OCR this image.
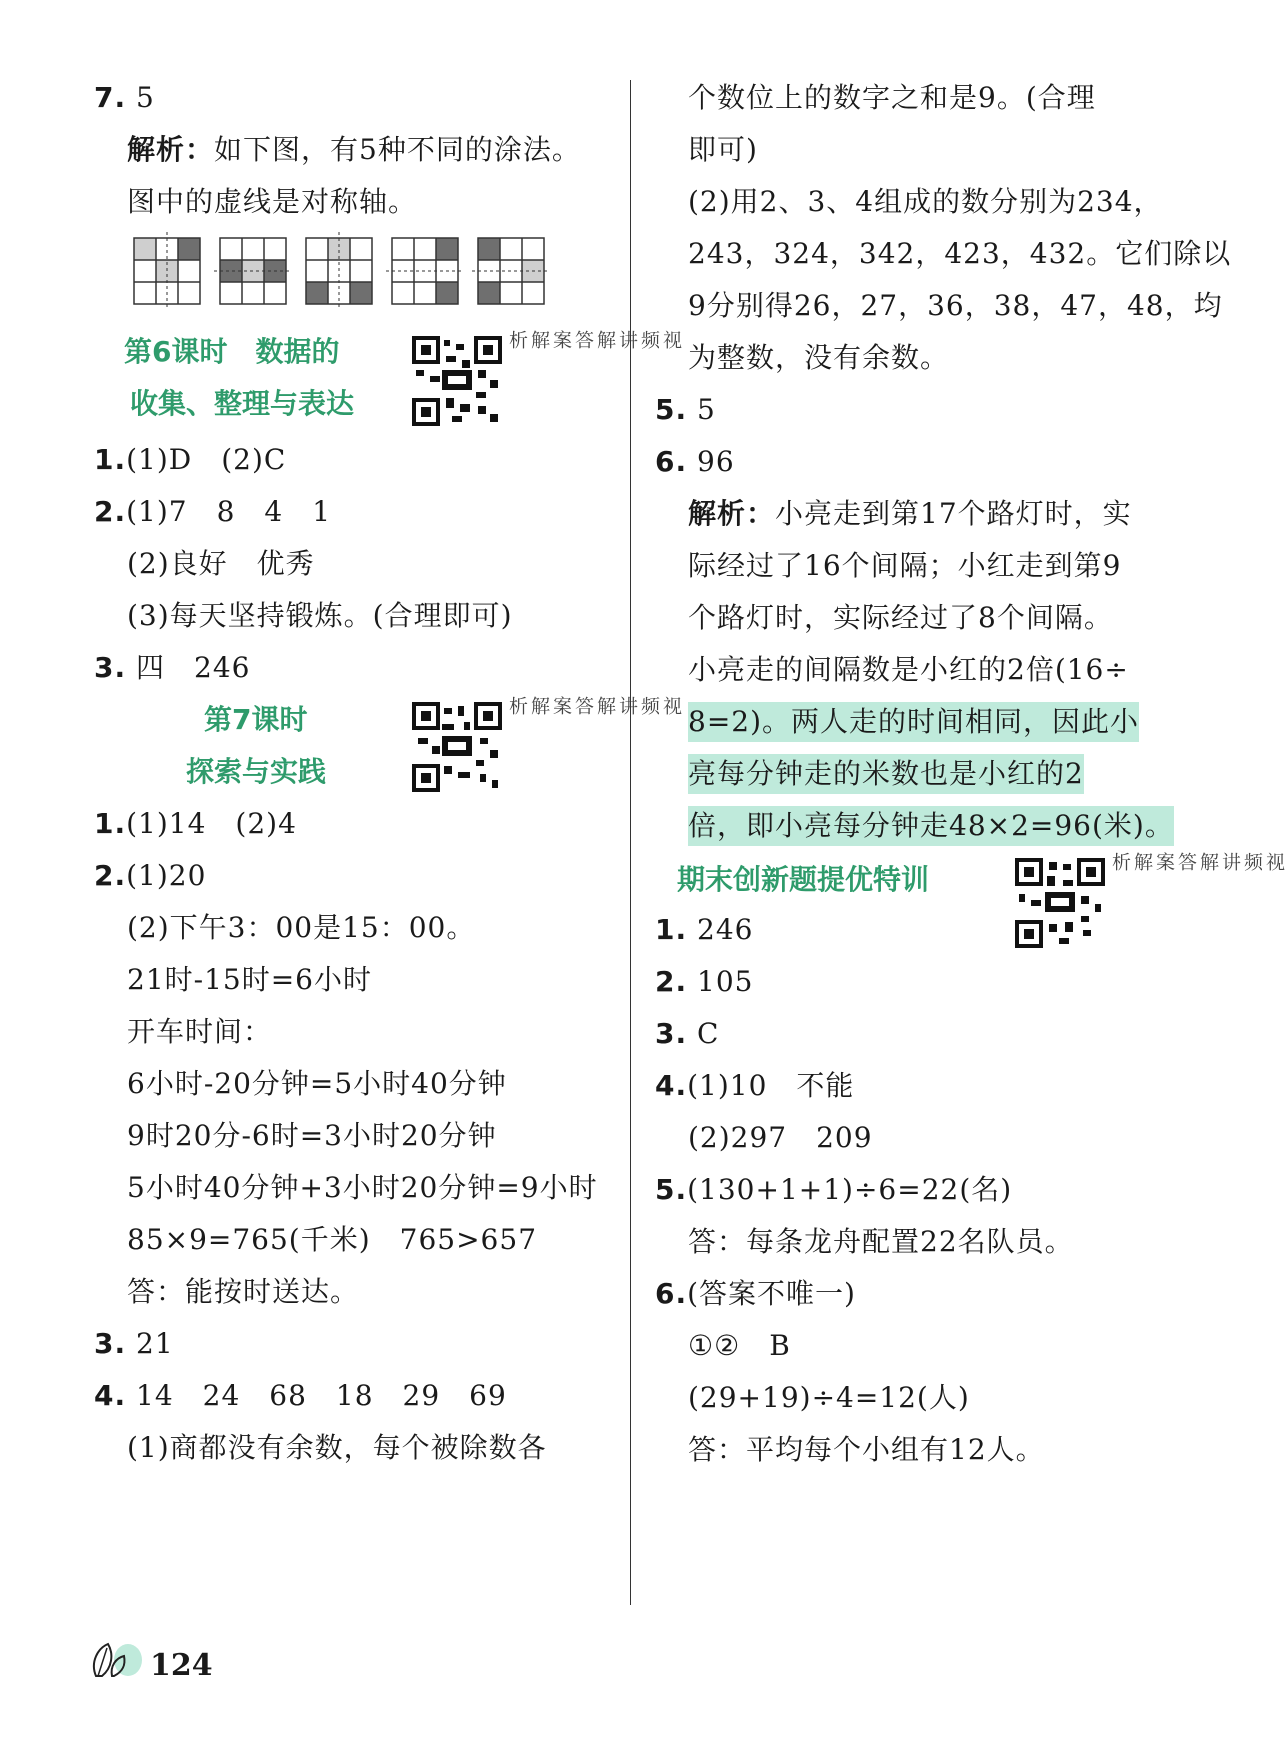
7. 5
解析：如下图，有5种不同的涂法。
图中的虚线是对称轴。
第6课时　数据的
收集、整理与表达
视频讲解答案解析
1.(1)D　(2)C
2.(1)7　8　4　1
(2)良好　优秀
(3)每天坚持锻炼。(合理即可)
3. 四　246
第7课时
探索与实践
视频讲解答案解析
1.(1)14　(2)4
2.(1)20
(2)下午3：00是15：00。
21时-15时=6小时
开车时间：
6小时-20分钟=5小时40分钟
9时20分-6时=3小时20分钟
5小时40分钟+3小时20分钟=9小时
85×9=765(千米)　765>657
答：能按时送达。
3. 21
4. 14　24　68　18　29　69
(1)商都没有余数，每个被除数各
个数位上的数字之和是9。(合理
即可)
(2)用2、3、4组成的数分别为234，
243，324，342，423，432。它们除以
9分别得26，27，36，38，47，48，均
为整数，没有余数。
5. 5
6. 96
解析：小亮走到第17个路灯时，实
际经过了16个间隔；小红走到第9
个路灯时，实际经过了8个间隔。
小亮走的间隔数是小红的2倍(16÷
8=2)。两人走的时间相同，因此小
亮每分钟走的米数也是小红的2
倍，即小亮每分钟走48×2=96(米)。
期末创新题提优特训
视频讲解答案解析
1. 246
2. 105
3. C
4.(1)10　不能
(2)297　209
5.(130+1+1)÷6=22(名)
答：每条龙舟配置22名队员。
6.(答案不唯一)
①②　B
(29+19)÷4=12(人)
答：平均每个小组有12人。
124
